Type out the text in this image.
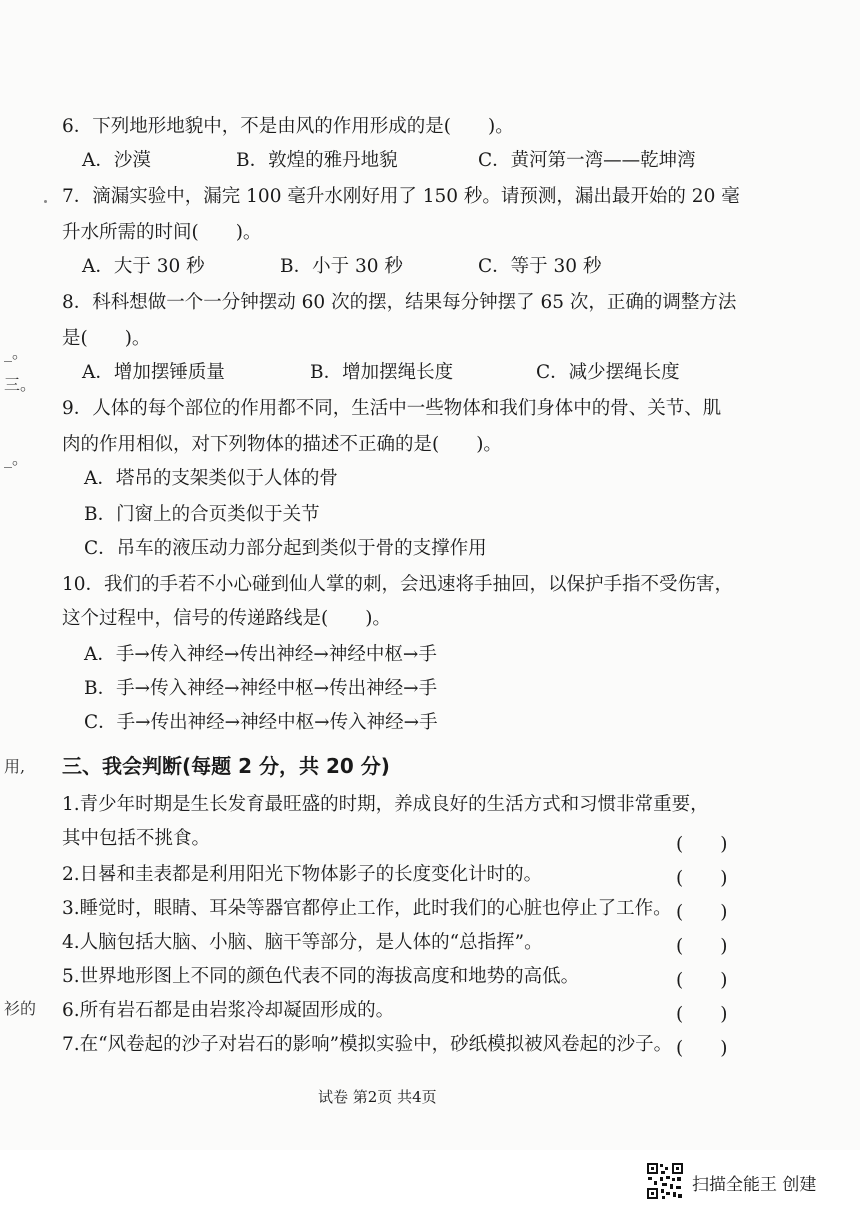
_。
三。
_。
用,
衫的
6．下列地形地貌中，不是由风的作用形成的是(　　)。
A．沙漠	B．敦煌的雅丹地貌	C．黄河第一湾——乾坤湾
7．滴漏实验中，漏完 100 毫升水刚好用了 150 秒。请预测，漏出最开始的 20 毫
升水所需的时间(　　)。
A．大于 30 秒	B．小于 30 秒	C．等于 30 秒
8．科科想做一个一分钟摆动 60 次的摆，结果每分钟摆了 65 次，正确的调整方法
是(　　)。
A．增加摆锤质量	B．增加摆绳长度	C．减少摆绳长度
9．人体的每个部位的作用都不同，生活中一些物体和我们身体中的骨、关节、肌
肉的作用相似，对下列物体的描述不正确的是(　　)。
A．塔吊的支架类似于人体的骨
B．门窗上的合页类似于关节
C．吊车的液压动力部分起到类似于骨的支撑作用
10．我们的手若不小心碰到仙人掌的刺，会迅速将手抽回，以保护手指不受伤害，
这个过程中，信号的传递路线是(　　)。
A．手→传入神经→传出神经→神经中枢→手
B．手→传入神经→神经中枢→传出神经→手
C．手→传出神经→神经中枢→传入神经→手
三、我会判断(每题 2 分，共 20 分)
1.青少年时期是生长发育最旺盛的时期，养成良好的生活方式和习惯非常重要，
其中包括不挑食。	(　　)
2.日晷和圭表都是利用阳光下物体影子的长度变化计时的。	(　　)
3.睡觉时，眼睛、耳朵等器官都停止工作，此时我们的心脏也停止了工作。 (　　)
4.人脑包括大脑、小脑、脑干等部分，是人体的“总指挥”。	(　　)
5.世界地形图上不同的颜色代表不同的海拔高度和地势的高低。	(　　)
6.所有岩石都是由岩浆冷却凝固形成的。	(　　)
7.在“风卷起的沙子对岩石的影响”模拟实验中，砂纸模拟被风卷起的沙子。 (　　)
试卷 第2页 共4页
扫描全能王 创建
